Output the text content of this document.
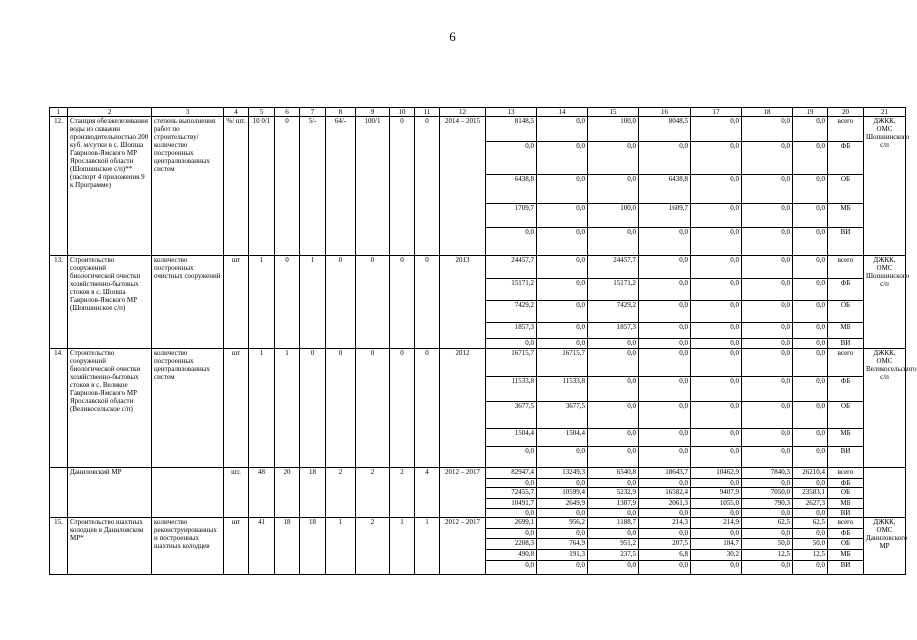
6
1	2	3	4	5	6	7	8	9	10	11	12	13	14	15	16	17	18	19	20	21
12.	Станция обезжелезивания воды из скважин производительностью 200 куб. м/сутки в с. Шопша Гаврилов-Ямского МР Ярославской области (Шопшинское с/п)** (паспорт 4 приложения 9 к Программе)	степень выполнения работ по строительству/ количество построенных централизованных систем	%/ шт.	10 0/1	0	5/-	64/-	100/1	0	0	2014 – 2015	8148,5	0,0	100,0	8048,5	0,0	0,0	0,0	всего	ДЖКК, ОМС Шопшинского с/п
												0,0	0,0	0,0	0,0	0,0	0,0	0,0	ФБ	
												6438,8	0,0	0,0	6438,8	0,0	0,0	0,0	ОБ	
												1709,7	0,0	100,0	1609,7	0,0	0,0	0,0	МБ	
												0,0	0,0	0,0	0,0	0,0	0,0	0,0	ВИ	
13.	Строительство сооружений биологической очистки хозяйственно-бытовых стоков в с. Шопша Гаврилов-Ямского МР (Шопшинское с/п)	количество построенных очистных сооружений	шт	1	0	1	0	0	0	0	2013	24457,7	0,0	24457,7	0,0	0,0	0,0	0,0	всего	ДЖКК, ОМС Шопшинского с/п
												15171,2	0,0	15171,2	0,0	0,0	0,0	0,0	ФБ	
												7429,2	0,0	7429,2	0,0	0,0	0,0	0,0	ОБ	
												1857,3	0,0	1857,3	0,0	0,0	0,0	0,0	МБ	
												0,0	0,0	0,0	0,0	0,0	0,0	0,0	ВИ	
14.	Строительство сооружений биологической очистки хозяйственно-бытовых стоков в с. Великое Гаврилов-Ямского МР Ярославской области (Великосельское с/п)	количество построенных централизованных систем	шт	1	1	0	0	0	0	0	2012	16715,7	16715,7	0,0	0,0	0,0	0,0	0,0	всего	ДЖКК, ОМС Великосельского с/п
												11533,8	11533,8	0,0	0,0	0,0	0,0	0,0	ФБ	
												3677,5	3677,5	0,0	0,0	0,0	0,0	0,0	ОБ	
												1504,4	1504,4	0,0	0,0	0,0	0,0	0,0	МБ	
												0,0	0,0	0,0	0,0	0,0	0,0	0,0	ВИ	
	Даниловский МР		шт.	48	20	18	2	2	2	4	2012 – 2017	82947,4	13249,3	6540,8	18643,7	10462,9	7840,3	26210,4	всего	
												0,0	0,0	0,0	0,0	0,0	0,0	0,0	ФБ	
												72455,7	10599,4	5232,9	16582,4	9407,9	7050,0	23583,1	ОБ	
												10491,7	2649,9	1307,9	2061,3	1055,0	790,3	2627,3	МБ	
												0,0	0,0	0,0	0,0	0,0	0,0	0,0	ВИ	
15.	Строительство шахтных колодцев в Даниловском МР*	количество реконструированных и построенных шахтных колодцев	шт	41	18	18	1	2	1	1	2012 – 2017	2699,1	956,2	1188,7	214,3	214,9	62,5	62,5	всего	ДЖКК, ОМС Даниловского МР
												0,0	0,0	0,0	0,0	0,0	0,0	0,0	ФБ	
												2208,3	764,9	951,2	207,5	184,7	50,0	50,0	ОБ	
												490,8	191,3	237,5	6,8	30,2	12,5	12,5	МБ	
												0,0	0,0	0,0	0,0	0,0	0,0	0,0	ВИ	
